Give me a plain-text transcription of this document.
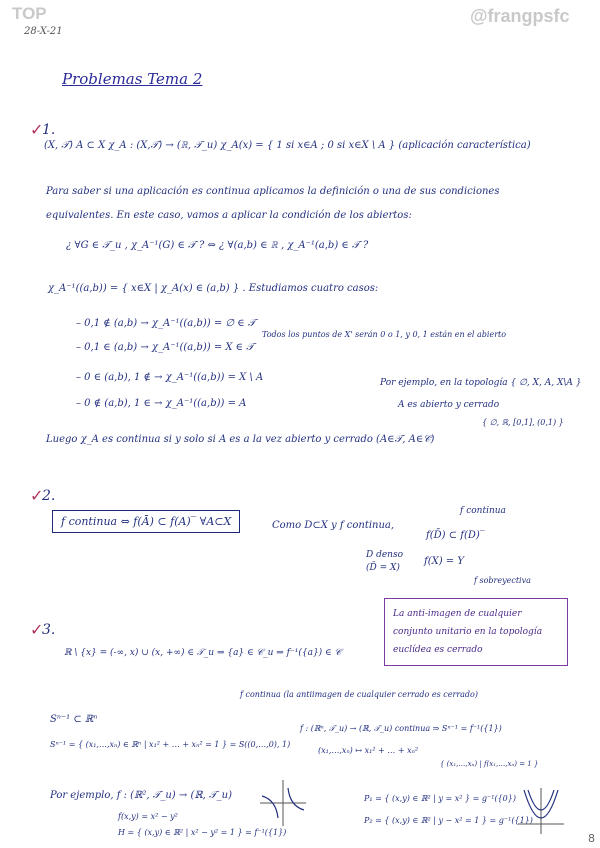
TOP	@frangpsfc
28-X-21
Problemas Tema 2
✓
1.
(X, 𝒯) A ⊂ X χ_A : (X,𝒯) → (ℝ, 𝒯_u) χ_A(x) = { 1 si x∈A ; 0 si x∈X \ A } (aplicación característica)
Para saber si una aplicación es continua aplicamos la definición o una de sus condiciones
equivalentes. En este caso, vamos a aplicar la condición de los abiertos:
¿ ∀G ∈ 𝒯_u , χ_A⁻¹(G) ∈ 𝒯 ? ⇔ ¿ ∀(a,b) ∈ ℝ , χ_A⁻¹(a,b) ∈ 𝒯 ?
χ_A⁻¹((a,b)) = { x∈X | χ_A(x) ∈ (a,b) } . Estudiamos cuatro casos:
– 0,1 ∉ (a,b) → χ_A⁻¹((a,b)) = ∅ ∈ 𝒯
– 0,1 ∈ (a,b) → χ_A⁻¹((a,b)) = X ∈ 𝒯
– 0 ∈ (a,b), 1 ∉ → χ_A⁻¹((a,b)) = X \ A
– 0 ∉ (a,b), 1 ∈ → χ_A⁻¹((a,b)) = A
Todos los puntos de X' serán 0 o 1, y 0, 1 están en el abierto
Por ejemplo, en la topología { ∅, X, A, X\A }
A es abierto y cerrado
{ ∅, ℝ, [0,1], (0,1) }
Luego χ_A es continua si y solo si A es a la vez abierto y cerrado (A∈𝒯, A∈𝒞)
✓
2.
f continua ⇔ f(Ā) ⊂ f(A)‾ ∀A⊂X	Como D⊂X y f continua,
f continua
f(D̄) ⊂ f(D)‾
D denso
(D̄ = X)
f(X) = Y
f sobreyectiva
✓
3.
La anti-imagen de cualquier conjunto unitario en la topología euclídea es cerrado
ℝ \ {x} = (-∞, x) ∪ (x, +∞) ∈ 𝒯_u ⇒ {a} ∈ 𝒞_u ⇒ f⁻¹({a}) ∈ 𝒞
f continua (la antiimagen de cualquier cerrado es cerrado)
Sⁿ⁻¹ ⊂ ℝⁿ
Sⁿ⁻¹ = { (x₁,…,xₙ) ∈ ℝⁿ | x₁² + … + xₙ² = 1 } = S((0,…,0), 1)
f : (ℝⁿ, 𝒯_u) → (ℝ, 𝒯_u) continua ⇒ Sⁿ⁻¹ = f⁻¹({1})
(x₁,…,xₙ) ↦ x₁² + … + xₙ²
{ (x₁,…,xₙ) | f(x₁,…,xₙ) = 1 }
Por ejemplo, f : (ℝ², 𝒯_u) → (ℝ, 𝒯_u)
f(x,y) = x² − y²
H = { (x,y) ∈ ℝ² | x² − y² = 1 } = f⁻¹({1})
P₁ = { (x,y) ∈ ℝ² | y = x² } = g⁻¹({0})
P₂ = { (x,y) ∈ ℝ² | y − x² = 1 } = g⁻¹({1})
8
